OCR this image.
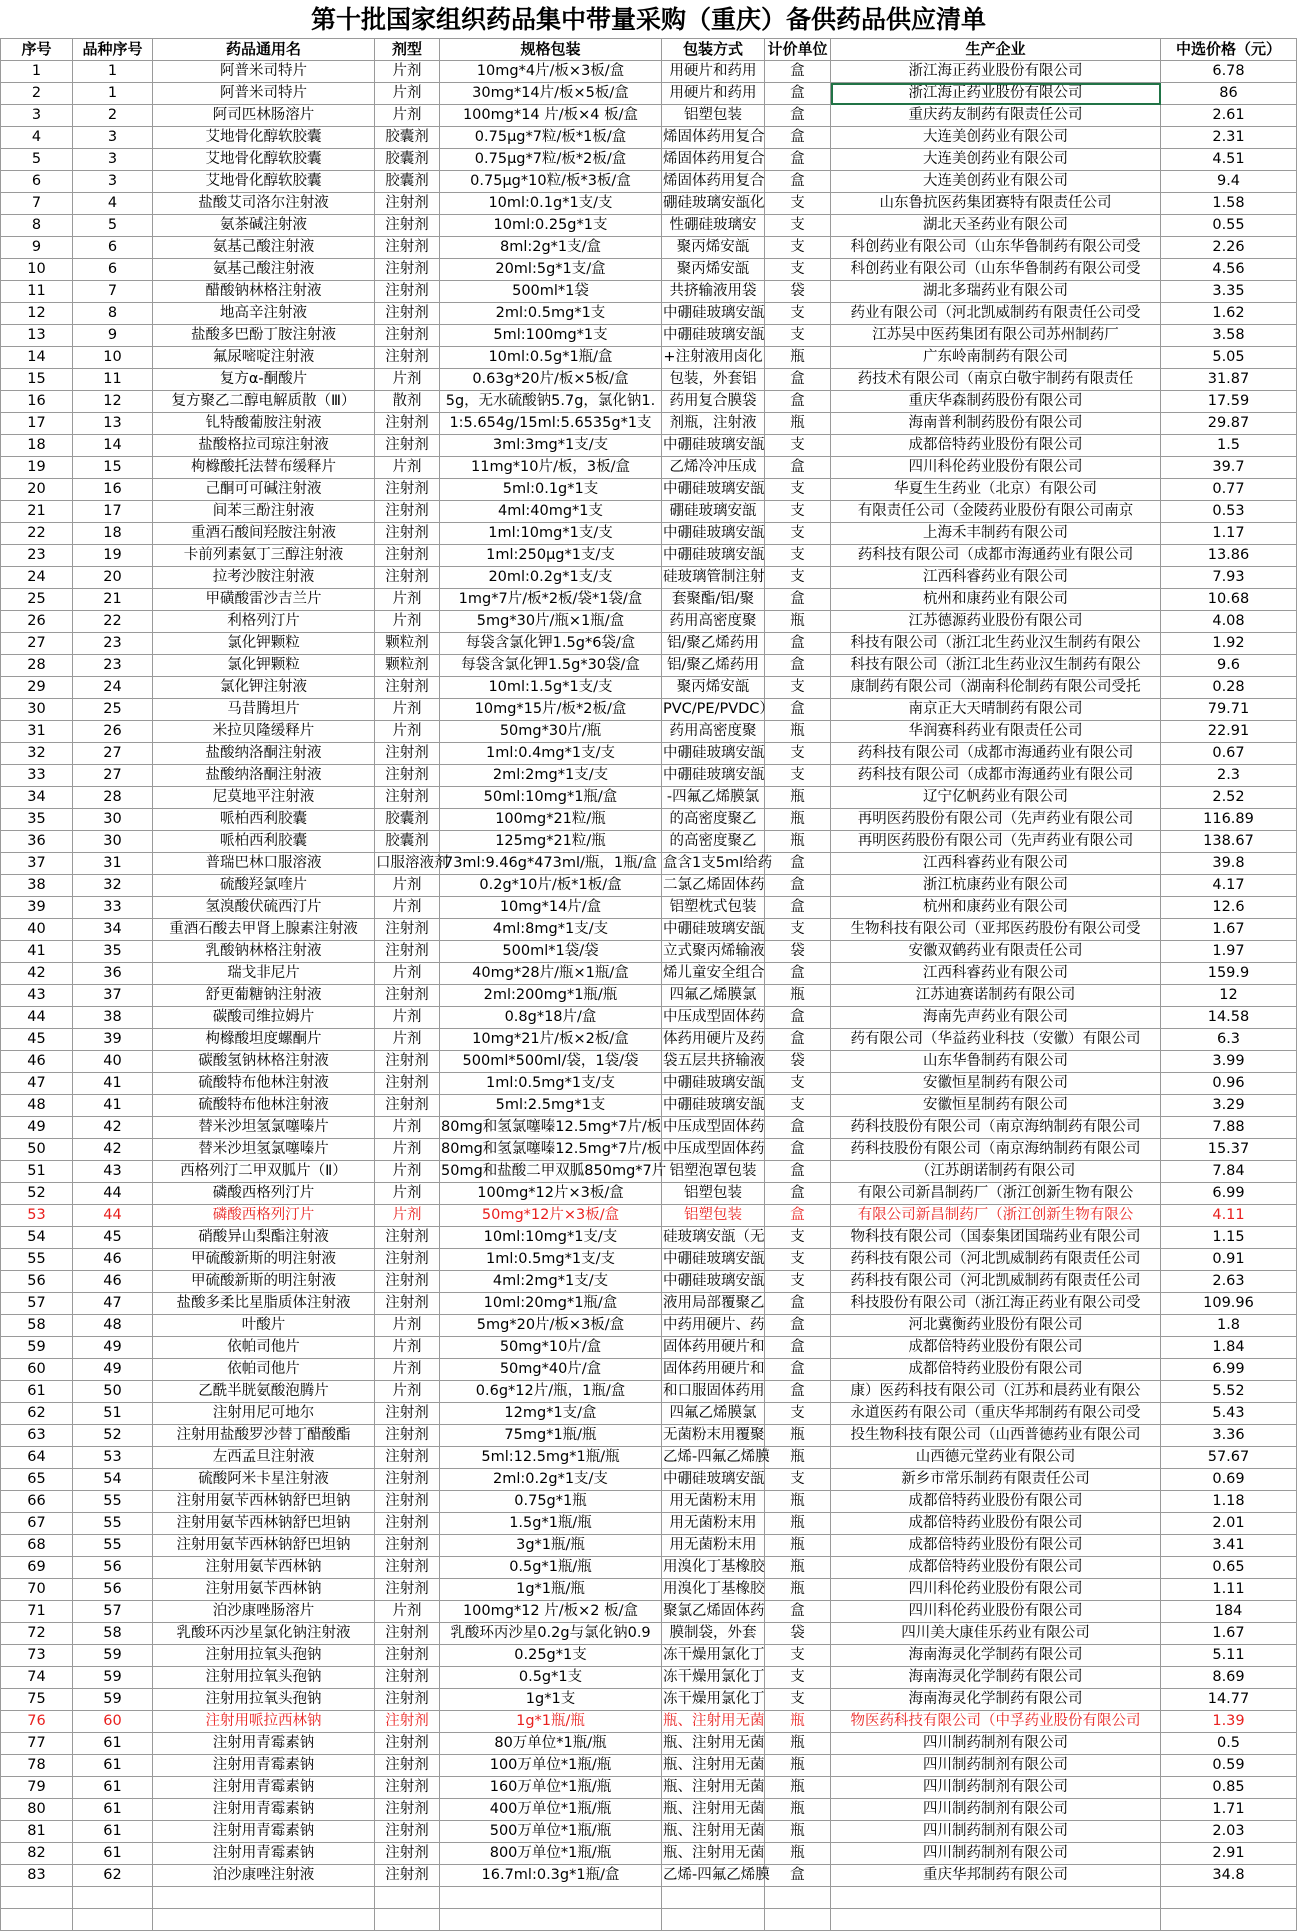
第十批国家组织药品集中带量采购（重庆）备供药品供应清单
序号	品种序号	药品通用名	剂型	规格包装	包装方式	计价单位	生产企业	中选价格（元）
1	1	阿普米司特片	片剂	10mg*4片/板×3板/盒	用硬片和药用	盒	浙江海正药业股份有限公司	6.78
2	1	阿普米司特片	片剂	30mg*14片/板×5板/盒	用硬片和药用	盒	浙江海正药业股份有限公司	86
3	2	阿司匹林肠溶片	片剂	100mg*14 片/板×4 板/盒	铝塑包装	盒	重庆药友制药有限责任公司	2.61
4	3	艾地骨化醇软胶囊	胶囊剂	0.75μg*7粒/板*1板/盒	烯固体药用复合	盒	大连美创药业有限公司	2.31
5	3	艾地骨化醇软胶囊	胶囊剂	0.75μg*7粒/板*2板/盒	烯固体药用复合	盒	大连美创药业有限公司	4.51
6	3	艾地骨化醇软胶囊	胶囊剂	0.75μg*10粒/板*3板/盒	烯固体药用复合	盒	大连美创药业有限公司	9.4
7	4	盐酸艾司洛尔注射液	注射剂	10ml:0.1g*1支/支	硼硅玻璃安瓿化	支	山东鲁抗医药集团赛特有限责任公司	1.58
8	5	氨茶碱注射液	注射剂	10ml:0.25g*1支	性硼硅玻璃安	支	湖北天圣药业有限公司	0.55
9	6	氨基己酸注射液	注射剂	8ml:2g*1支/盒	聚丙烯安瓿	支	科创药业有限公司（山东华鲁制药有限公司受	2.26
10	6	氨基己酸注射液	注射剂	20ml:5g*1支/盒	聚丙烯安瓿	支	科创药业有限公司（山东华鲁制药有限公司受	4.56
11	7	醋酸钠林格注射液	注射剂	500ml*1袋	共挤输液用袋	袋	湖北多瑞药业有限公司	3.35
12	8	地高辛注射液	注射剂	2ml:0.5mg*1支	中硼硅玻璃安瓿	支	药业有限公司（河北凯威制药有限责任公司受	1.62
13	9	盐酸多巴酚丁胺注射液	注射剂	5ml:100mg*1支	中硼硅玻璃安瓿	支	江苏吴中医药集团有限公司苏州制药厂	3.58
14	10	氟尿嘧啶注射液	注射剂	10ml:0.5g*1瓶/盒	+注射液用卤化	瓶	广东岭南制药有限公司	5.05
15	11	复方α-酮酸片	片剂	0.63g*20片/板×5板/盒	包装，外套铝	盒	药技术有限公司（南京白敬宇制药有限责任	31.87
16	12	复方聚乙二醇电解质散（Ⅲ）	散剂	5g，无水硫酸钠5.7g，氯化钠1.	药用复合膜袋	盒	重庆华森制药股份有限公司	17.59
17	13	钆特酸葡胺注射液	注射剂	1:5.654g/15ml:5.6535g*1支	剂瓶，注射液	瓶	海南普利制药股份有限公司	29.87
18	14	盐酸格拉司琼注射液	注射剂	3ml:3mg*1支/支	中硼硅玻璃安瓿	支	成都倍特药业股份有限公司	1.5
19	15	枸橼酸托法替布缓释片	片剂	11mg*10片/板，3板/盒	乙烯冷冲压成	盒	四川科伦药业股份有限公司	39.7
20	16	己酮可可碱注射液	注射剂	5ml:0.1g*1支	中硼硅玻璃安瓿	支	华夏生生药业（北京）有限公司	0.77
21	17	间苯三酚注射液	注射剂	4ml:40mg*1支	硼硅玻璃安瓿	支	有限责任公司（金陵药业股份有限公司南京	0.53
22	18	重酒石酸间羟胺注射液	注射剂	1ml:10mg*1支/支	中硼硅玻璃安瓿	支	上海禾丰制药有限公司	1.17
23	19	卡前列素氨丁三醇注射液	注射剂	1ml:250μg*1支/支	中硼硅玻璃安瓿	支	药科技有限公司（成都市海通药业有限公司	13.86
24	20	拉考沙胺注射液	注射剂	20ml:0.2g*1支/支	硅玻璃管制注射	支	江西科睿药业有限公司	7.93
25	21	甲磺酸雷沙吉兰片	片剂	1mg*7片/板*2板/袋*1袋/盒	套聚酯/铝/聚	盒	杭州和康药业有限公司	10.68
26	22	利格列汀片	片剂	5mg*30片/瓶×1瓶/盒	药用高密度聚	瓶	江苏德源药业股份有限公司	4.08
27	23	氯化钾颗粒	颗粒剂	每袋含氯化钾1.5g*6袋/盒	铝/聚乙烯药用	盒	科技有限公司（浙江北生药业汉生制药有限公	1.92
28	23	氯化钾颗粒	颗粒剂	每袋含氯化钾1.5g*30袋/盒	铝/聚乙烯药用	盒	科技有限公司（浙江北生药业汉生制药有限公	9.6
29	24	氯化钾注射液	注射剂	10ml:1.5g*1支/支	聚丙烯安瓿	支	康制药有限公司（湖南科伦制药有限公司受托	0.28
30	25	马昔腾坦片	片剂	10mg*15片/板*2板/盒	PVC/PE/PVDC）	盒	南京正大天晴制药有限公司	79.71
31	26	米拉贝隆缓释片	片剂	50mg*30片/瓶	药用高密度聚	瓶	华润赛科药业有限责任公司	22.91
32	27	盐酸纳洛酮注射液	注射剂	1ml:0.4mg*1支/支	中硼硅玻璃安瓿	支	药科技有限公司（成都市海通药业有限公司	0.67
33	27	盐酸纳洛酮注射液	注射剂	2ml:2mg*1支/支	中硼硅玻璃安瓿	支	药科技有限公司（成都市海通药业有限公司	2.3
34	28	尼莫地平注射液	注射剂	50ml:10mg*1瓶/盒	-四氟乙烯膜氯	瓶	辽宁亿帆药业有限公司	2.52
35	30	哌柏西利胶囊	胶囊剂	100mg*21粒/瓶	的高密度聚乙	瓶	再明医药股份有限公司（先声药业有限公司	116.89
36	30	哌柏西利胶囊	胶囊剂	125mg*21粒/瓶	的高密度聚乙	瓶	再明医药股份有限公司（先声药业有限公司	138.67
37	31	普瑞巴林口服溶液	口服溶液剂	73ml:9.46g*473ml/瓶，1瓶/盒	盒含1支5ml给药	盒	江西科睿药业有限公司	39.8
38	32	硫酸羟氯喹片	片剂	0.2g*10片/板*1板/盒	二氯乙烯固体药	盒	浙江杭康药业有限公司	4.17
39	33	氢溴酸伏硫西汀片	片剂	10mg*14片/盒	铝塑枕式包装	盒	杭州和康药业有限公司	12.6
40	34	重酒石酸去甲肾上腺素注射液	注射剂	4ml:8mg*1支/支	中硼硅玻璃安瓿	支	生物科技有限公司（亚邦医药股份有限公司受	1.67
41	35	乳酸钠林格注射液	注射剂	500ml*1袋/袋	立式聚丙烯输液	袋	安徽双鹤药业有限责任公司	1.97
42	36	瑞戈非尼片	片剂	40mg*28片/瓶×1瓶/盒	烯儿童安全组合	盒	江西科睿药业有限公司	159.9
43	37	舒更葡糖钠注射液	注射剂	2ml:200mg*1瓶/瓶	四氟乙烯膜氯	瓶	江苏迪赛诺制药有限公司	12
44	38	碳酸司维拉姆片	片剂	0.8g*18片/盒	中压成型固体药	盒	海南先声药业有限公司	14.58
45	39	枸橼酸坦度螺酮片	片剂	10mg*21片/板×2板/盒	体药用硬片及药	盒	药有限公司（华益药业科技（安徽）有限公司	6.3
46	40	碳酸氢钠林格注射液	注射剂	500ml*500ml/袋，1袋/袋	袋五层共挤输液	袋	山东华鲁制药有限公司	3.99
47	41	硫酸特布他林注射液	注射剂	1ml:0.5mg*1支/支	中硼硅玻璃安瓿	支	安徽恒星制药有限公司	0.96
48	41	硫酸特布他林注射液	注射剂	5ml:2.5mg*1支	中硼硅玻璃安瓿	支	安徽恒星制药有限公司	3.29
49	42	替米沙坦氢氯噻嗪片	片剂	80mg和氢氯噻嗪12.5mg*7片/板	中压成型固体药	盒	药科技股份有限公司（南京海纳制药有限公司	7.88
50	42	替米沙坦氢氯噻嗪片	片剂	80mg和氢氯噻嗪12.5mg*7片/板	中压成型固体药	盒	药科技股份有限公司（南京海纳制药有限公司	15.37
51	43	西格列汀二甲双胍片（Ⅱ）	片剂	50mg和盐酸二甲双胍850mg*7片	铝塑泡罩包装	盒	（江苏朗诺制药有限公司	7.84
52	44	磷酸西格列汀片	片剂	100mg*12片×3板/盒	铝塑包装	盒	有限公司新昌制药厂（浙江创新生物有限公	6.99
53	44	磷酸西格列汀片	片剂	50mg*12片×3板/盒	铝塑包装	盒	有限公司新昌制药厂（浙江创新生物有限公	4.11
54	45	硝酸异山梨酯注射液	注射剂	10ml:10mg*1支/支	硅玻璃安瓿（无	支	物科技有限公司（国泰集团国瑞药业有限公司	1.15
55	46	甲硫酸新斯的明注射液	注射剂	1ml:0.5mg*1支/支	中硼硅玻璃安瓿	支	药科技有限公司（河北凯威制药有限责任公司	0.91
56	46	甲硫酸新斯的明注射液	注射剂	4ml:2mg*1支/支	中硼硅玻璃安瓿	支	药科技有限公司（河北凯威制药有限责任公司	2.63
57	47	盐酸多柔比星脂质体注射液	注射剂	10ml:20mg*1瓶/盒	液用局部覆聚乙	盒	科技股份有限公司（浙江海正药业有限公司受	109.96
58	48	叶酸片	片剂	5mg*20片/板×3板/盒	中药用硬片、药	盒	河北冀衡药业股份有限公司	1.8
59	49	依帕司他片	片剂	50mg*10片/盒	固体药用硬片和	盒	成都倍特药业股份有限公司	1.84
60	49	依帕司他片	片剂	50mg*40片/盒	固体药用硬片和	盒	成都倍特药业股份有限公司	6.99
61	50	乙酰半胱氨酸泡腾片	片剂	0.6g*12片/瓶，1瓶/盒	和口服固体药用	盒	康）医药科技有限公司（江苏和晨药业有限公	5.52
62	51	注射用尼可地尔	注射剂	12mg*1支/盒	四氟乙烯膜氯	支	永道医药有限公司（重庆华邦制药有限公司受	5.43
63	52	注射用盐酸罗沙替丁醋酸酯	注射剂	75mg*1瓶/瓶	无菌粉末用覆聚	瓶	投生物科技有限公司（山西普德药业有限公司	3.36
64	53	左西孟旦注射液	注射剂	5ml:12.5mg*1瓶/瓶	乙烯-四氟乙烯膜	瓶	山西德元堂药业有限公司	57.67
65	54	硫酸阿米卡星注射液	注射剂	2ml:0.2g*1支/支	中硼硅玻璃安瓿	支	新乡市常乐制药有限责任公司	0.69
66	55	注射用氨苄西林钠舒巴坦钠	注射剂	0.75g*1瓶	用无菌粉末用	瓶	成都倍特药业股份有限公司	1.18
67	55	注射用氨苄西林钠舒巴坦钠	注射剂	1.5g*1瓶/瓶	用无菌粉末用	瓶	成都倍特药业股份有限公司	2.01
68	55	注射用氨苄西林钠舒巴坦钠	注射剂	3g*1瓶/瓶	用无菌粉末用	瓶	成都倍特药业股份有限公司	3.41
69	56	注射用氨苄西林钠	注射剂	0.5g*1瓶/瓶	用溴化丁基橡胶	瓶	成都倍特药业股份有限公司	0.65
70	56	注射用氨苄西林钠	注射剂	1g*1瓶/瓶	用溴化丁基橡胶	瓶	四川科伦药业股份有限公司	1.11
71	57	泊沙康唑肠溶片	片剂	100mg*12 片/板×2 板/盒	聚氯乙烯固体药	盒	四川科伦药业股份有限公司	184
72	58	乳酸环丙沙星氯化钠注射液	注射剂	乳酸环丙沙星0.2g与氯化钠0.9	膜制袋，外套	袋	四川美大康佳乐药业有限公司	1.67
73	59	注射用拉氧头孢钠	注射剂	0.25g*1支	冻干燥用氯化丁	支	海南海灵化学制药有限公司	5.11
74	59	注射用拉氧头孢钠	注射剂	0.5g*1支	冻干燥用氯化丁	支	海南海灵化学制药有限公司	8.69
75	59	注射用拉氧头孢钠	注射剂	1g*1支	冻干燥用氯化丁	支	海南海灵化学制药有限公司	14.77
76	60	注射用哌拉西林钠	注射剂	1g*1瓶/瓶	瓶、注射用无菌	瓶	物医药科技有限公司（中孚药业股份有限公司	1.39
77	61	注射用青霉素钠	注射剂	80万单位*1瓶/瓶	瓶、注射用无菌	瓶	四川制药制剂有限公司	0.5
78	61	注射用青霉素钠	注射剂	100万单位*1瓶/瓶	瓶、注射用无菌	瓶	四川制药制剂有限公司	0.59
79	61	注射用青霉素钠	注射剂	160万单位*1瓶/瓶	瓶、注射用无菌	瓶	四川制药制剂有限公司	0.85
80	61	注射用青霉素钠	注射剂	400万单位*1瓶/瓶	瓶、注射用无菌	瓶	四川制药制剂有限公司	1.71
81	61	注射用青霉素钠	注射剂	500万单位*1瓶/瓶	瓶、注射用无菌	瓶	四川制药制剂有限公司	2.03
82	61	注射用青霉素钠	注射剂	800万单位*1瓶/瓶	瓶、注射用无菌	瓶	四川制药制剂有限公司	2.91
83	62	泊沙康唑注射液	注射剂	16.7ml:0.3g*1瓶/盒	乙烯-四氟乙烯膜	盒	重庆华邦制药有限公司	34.8
